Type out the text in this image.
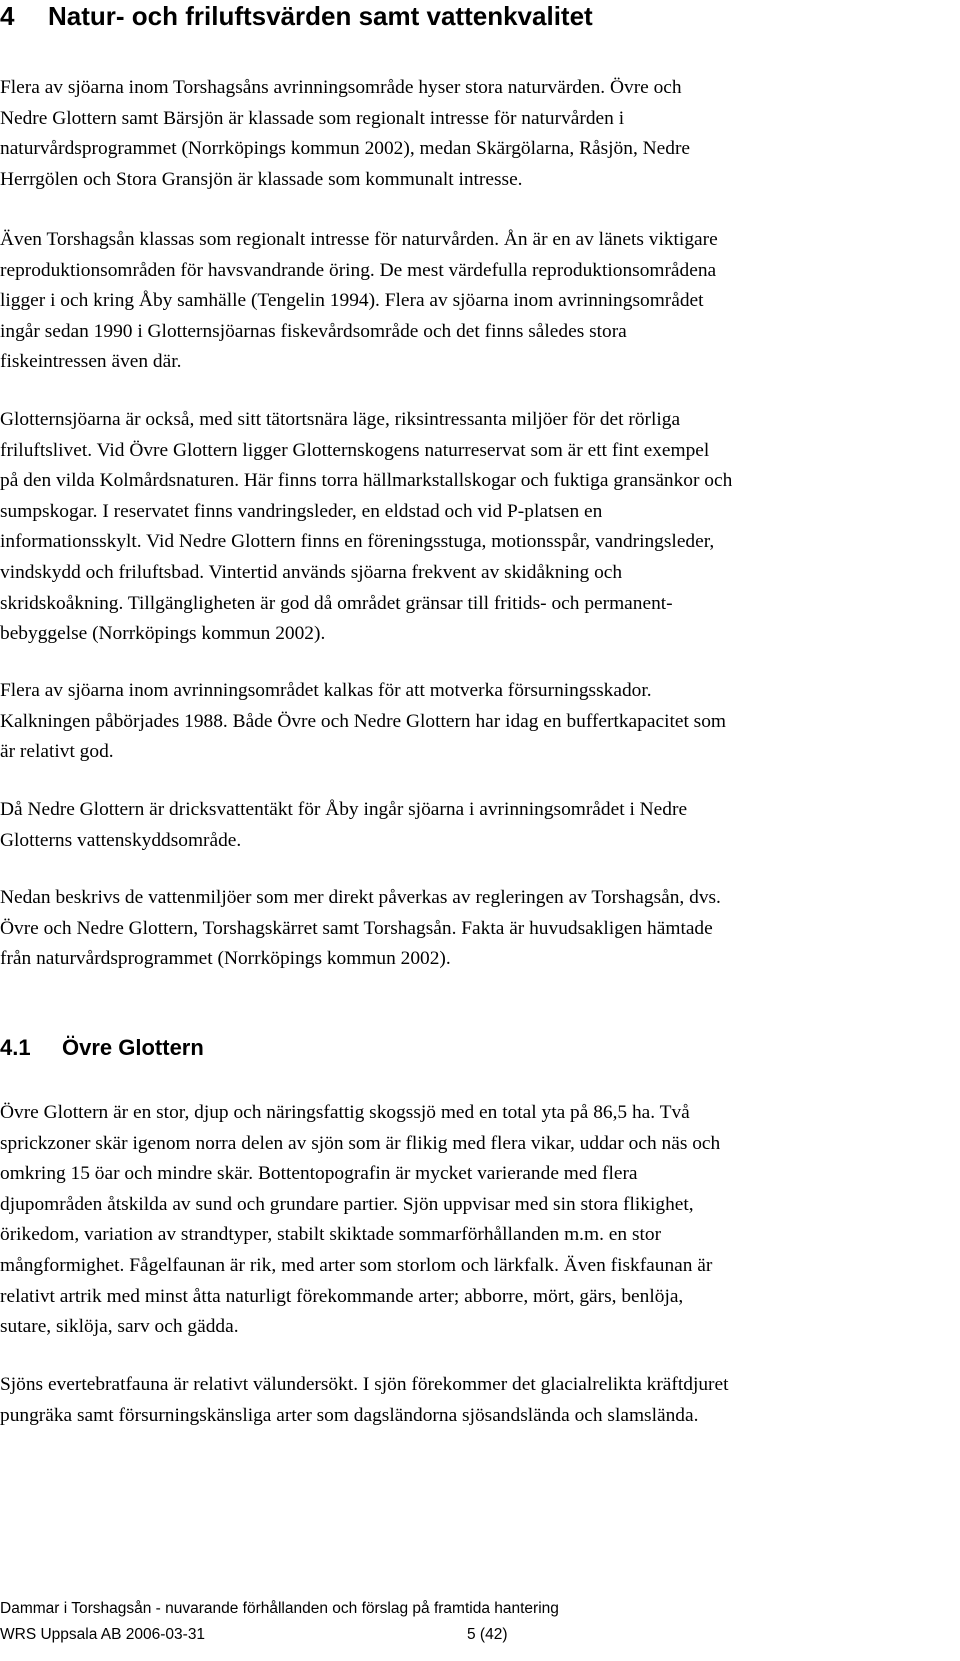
4 Natur- och friluftsvärden samt vattenkvalitet

Flera av sjöarna inom Torshagsåns avrinningsområde hyser stora naturvärden. Övre och
Nedre Glottern samt Bärsjön är klassade som regionalt intresse för naturvården i
naturvårdsprogrammet (Norrköpings kommun 2002), medan Skärgölarna, Råsjön, Nedre
Herrgölen och Stora Gransjön är klassade som kommunalt intresse.

Även Torshagsån klassas som regionalt intresse för naturvården. Ån är en av länets viktigare
reproduktionsområden för havsvandrande öring. De mest värdefulla reproduktionsområdena
ligger i och kring Åby samhälle (Tengelin 1994). Flera av sjöarna inom avrinningsområdet
ingår sedan 1990 i Glotternsjöarnas fiskevårdsområde och det finns således stora
fiskeintressen även där.

Glotternsjöarna är också, med sitt tätortsnära läge, riksintressanta miljöer för det rörliga
friluftslivet. Vid Övre Glottern ligger Glotternskogens naturreservat som är ett fint exempel
på den vilda Kolmårdsnaturen. Här finns torra hällmarkstallskogar och fuktiga gransänkor och
sumpskogar. I reservatet finns vandringsleder, en eldstad och vid P-platsen en
informationsskylt. Vid Nedre Glottern finns en föreningsstuga, motionsspår, vandringsleder,
vindskydd och friluftsbad. Vintertid används sjöarna frekvent av skidåkning och
skridskoåkning. Tillgängligheten är god då området gränsar till fritids- och permanent-
bebyggelse (Norrköpings kommun 2002).

Flera av sjöarna inom avrinningsområdet kalkas för att motverka försurningsskador.
Kalkningen påbörjades 1988. Både Övre och Nedre Glottern har idag en buffertkapacitet som
är relativt god.

Då Nedre Glottern är dricksvattentäkt för Åby ingår sjöarna i avrinningsområdet i Nedre
Glotterns vattenskyddsområde.

Nedan beskrivs de vattenmiljöer som mer direkt påverkas av regleringen av Torshagsån, dvs.
Övre och Nedre Glottern, Torshagskärret samt Torshagsån. Fakta är huvudsakligen hämtade
från naturvårdsprogrammet (Norrköpings kommun 2002).

4.1 Övre Glottern

Övre Glottern är en stor, djup och näringsfattig skogssjö med en total yta på 86,5 ha. Två
sprickzoner skär igenom norra delen av sjön som är flikig med flera vikar, uddar och näs och
omkring 15 öar och mindre skär. Bottentopografin är mycket varierande med flera
djupområden åtskilda av sund och grundare partier. Sjön uppvisar med sin stora flikighet,
örikedom, variation av strandtyper, stabilt skiktade sommarförhållanden m.m. en stor
mångformighet. Fågelfaunan är rik, med arter som storlom och lärkfalk. Även fiskfaunan är
relativt artrik med minst åtta naturligt förekommande arter; abborre, mört, gärs, benlöja,
sutare, siklöja, sarv och gädda.

Sjöns evertebratfauna är relativt välundersökt. I sjön förekommer det glacialrelikta kräftdjuret
pungräka samt försurningskänsliga arter som dagsländorna sjösandslända och slamslända.

Dammar i Torshagsån - nuvarande förhållanden och förslag på framtida hantering
WRS Uppsala AB 2006-03-31	5 (42)
